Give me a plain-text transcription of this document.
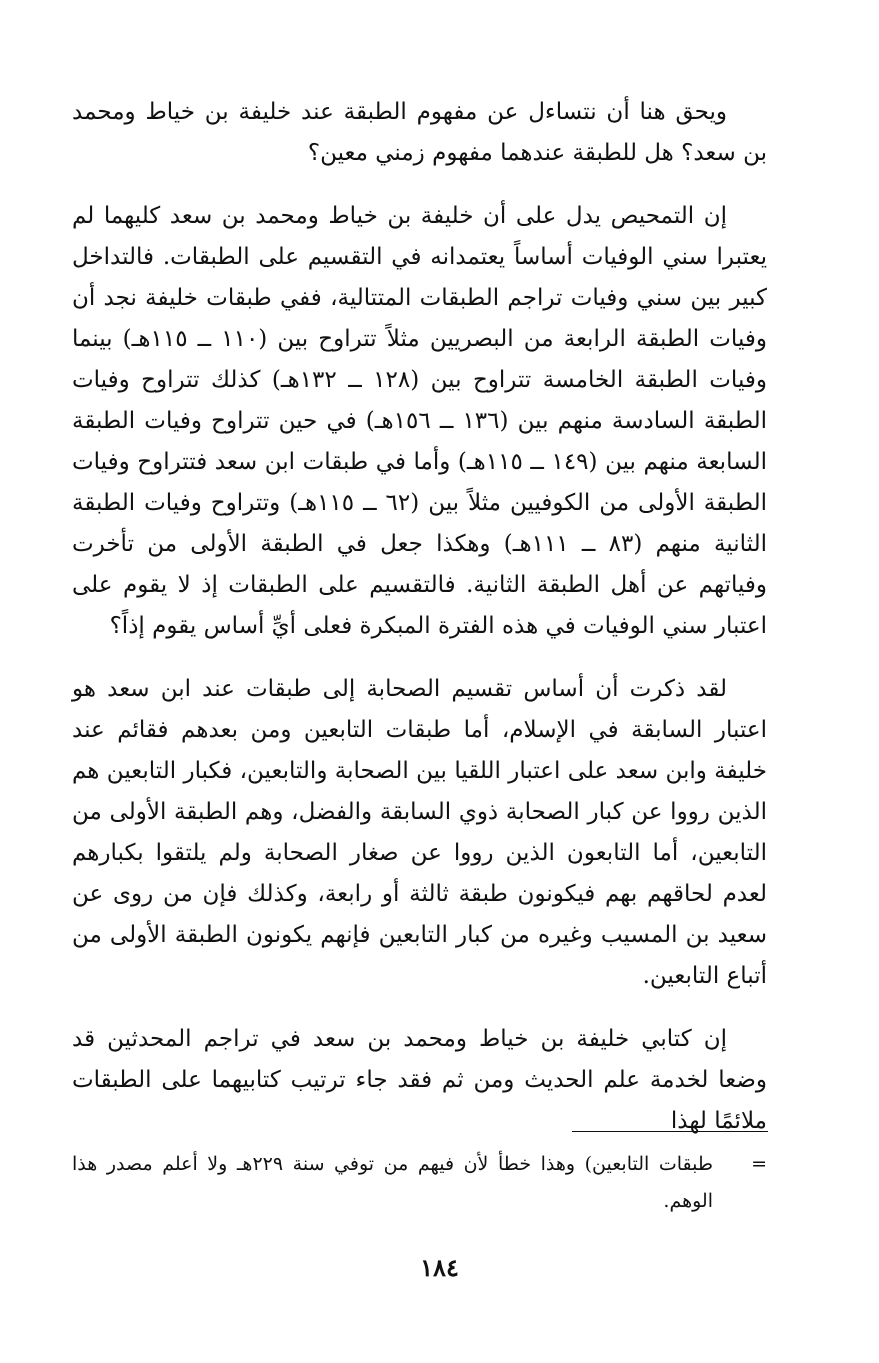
ويحق هنا أن نتساءل عن مفهوم الطبقة عند خليفة بن خياط ومحمد بن سعد؟ هل للطبقة عندهما مفهوم زمني معين؟

إن التمحيص يدل على أن خليفة بن خياط ومحمد بن سعد كليهما لم يعتبرا سني الوفيات أساساً يعتمدانه في التقسيم على الطبقات. فالتداخل كبير بين سني وفيات تراجم الطبقات المتتالية، ففي طبقات خليفة نجد أن وفيات الطبقة الرابعة من البصريين مثلاً تتراوح بين (١١٠ ــ ١١٥هـ) بينما وفيات الطبقة الخامسة تتراوح بين (١٢٨ ــ ١٣٢هـ) كذلك تتراوح وفيات الطبقة السادسة منهم بين (١٣٦ ــ ١٥٦هـ) في حين تتراوح وفيات الطبقة السابعة منهم بين (١٤٩ ــ ١١٥هـ) وأما في طبقات ابن سعد فتتراوح وفيات الطبقة الأولى من الكوفيين مثلاً بين (٦٢ ــ ١١٥هـ) وتتراوح وفيات الطبقة الثانية منهم (٨٣ ــ ١١١هـ) وهكذا جعل في الطبقة الأولى من تأخرت وفياتهم عن أهل الطبقة الثانية. فالتقسيم على الطبقات إذ لا يقوم على اعتبار سني الوفيات في هذه الفترة المبكرة فعلى أيِّ أساس يقوم إذاً؟

لقد ذكرت أن أساس تقسيم الصحابة إلى طبقات عند ابن سعد هو اعتبار السابقة في الإسلام، أما طبقات التابعين ومن بعدهم فقائم عند خليفة وابن سعد على اعتبار اللقيا بين الصحابة والتابعين، فكبار التابعين هم الذين رووا عن كبار الصحابة ذوي السابقة والفضل، وهم الطبقة الأولى من التابعين، أما التابعون الذين رووا عن صغار الصحابة ولم يلتقوا بكبارهم لعدم لحاقهم بهم فيكونون طبقة ثالثة أو رابعة، وكذلك فإن من روى عن سعيد بن المسيب وغيره من كبار التابعين فإنهم يكونون الطبقة الأولى من أتباع التابعين.

إن كتابي خليفة بن خياط ومحمد بن سعد في تراجم المحدثين قد وضعا لخدمة علم الحديث ومن ثم فقد جاء ترتيب كتابيهما على الطبقات ملائمًا لهذا

=
طبقات التابعين) وهذا خطأ لأن فيهم من توفي سنة ٢٢٩هـ ولا أعلم مصدر هذا الوهم.
١٨٤
